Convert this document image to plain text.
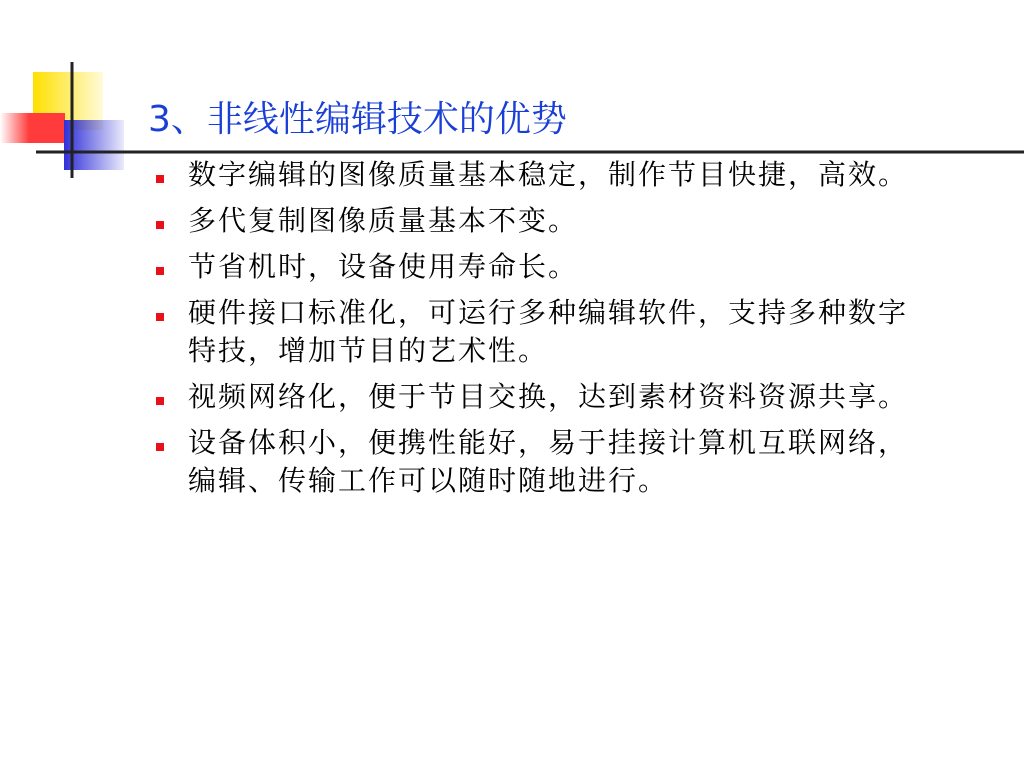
3、非线性编辑技术的优势
数字编辑的图像质量基本稳定，制作节目快捷，高效。
多代复制图像质量基本不变。
节省机时，设备使用寿命长。
硬件接口标准化，可运行多种编辑软件，支持多种数字特技，增加节目的艺术性。
视频网络化，便于节目交换，达到素材资料资源共享。
设备体积小，便携性能好，易于挂接计算机互联网络，编辑、传输工作可以随时随地进行。
